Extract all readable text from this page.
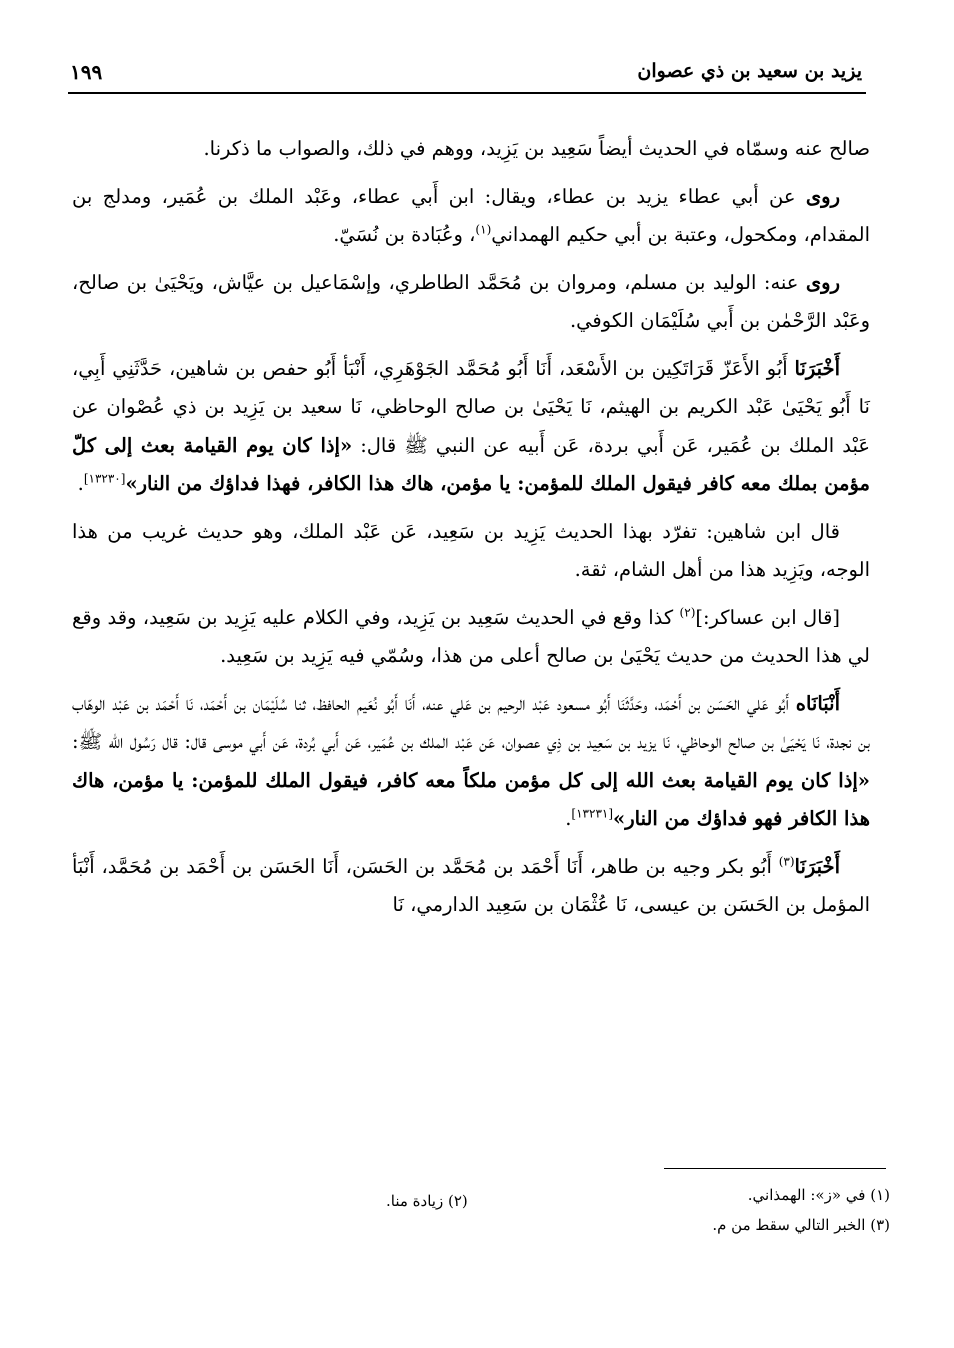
يزيد بن سعيد بن ذي عصوان
١٩٩

صالح عنه وسمّاه في الحديث أيضاً سَعِيد بن يَزِيد، ووهم في ذلك، والصواب ما ذكرنا.

روى عن أبي عطاء يزيد بن عطاء، ويقال: ابن أَبي عطاء، وعَبْد الملك بن عُمَير، ومدلج بن المقدام، ومكحول، وعتبة بن أبي حكيم الهمداني$^{(١)}$، وعُبَادة بن نُسَيّ.

روى عنه: الوليد بن مسلم، ومروان بن مُحَمَّد الطاطري، وإسْمَاعيل بن عيَّاش، ويَحْيَىٰ بن صالح، وعَبْد الرَّحْمٰن بن أَبي سُلَيْمَان الكوفي.

أَخْبَرَنَا أَبُو الأَعَزّ قَرَاتَكِين بن الأَسْعَد، أَنَا أَبُو مُحَمَّد الجَوْهَرِي، أَنْبَأ أَبُو حفص بن شاهين، حَدَّثَنِي أَبِي، نَا أَبُو يَحْيَىٰ عَبْد الكريم بن الهيثم، نَا يَحْيَىٰ بن صالح الوحاظي، نَا سعيد بن يَزِيد بن ذي عُصْوان عن عَبْد الملك بن عُمَير، عَن أَبي بردة، عَن أَبيه عن النبي ﷺ قال: «إذا كان يوم القيامة بعث إلى كلّ مؤمن بملك معه كافر فيقول الملك للمؤمن: يا مؤمن، هاك هذا الكافر، فهذا فداؤك من النار»[١٣٢٣٠].

قال ابن شاهين: تفرّد بهذا الحديث يَزِيد بن سَعِيد، عَن عَبْد الملك، وهو حديث غريب من هذا الوجه، ويَزِيد هذا من أهل الشام، ثقة.

[قال ابن عساكر:]$^{(٢)}$ كذا وقع في الحديث سَعِيد بن يَزِيد، وفي الكلام عليه يَزِيد بن سَعِيد، وقد وقع لي هذا الحديث من حديث يَحْيَىٰ بن صالح أعلى من هذا، وسُمّي فيه يَزِيد بن سَعِيد.

أَنْبَانَاه أَبُو عَلي الحَسَن بن أَحْمَد، وحَدَّثَنَا أَبُو مسعود عَبْد الرحيم بن عَلي عنه، أَنَا أَبُو نُعَيم الحافظ، ثنا سُلَيْمَان بن أَحْمَد، نَا أَحْمَد بن عَبْد الوهّاب بن نجدة، نَا يَحْيَىٰ بن صالح الوحاظي، نَا يزيد بن سَعِيد بن ذِي عصوان، عَن عَبْد الملك بن عُمَير، عَن أَبي بُردة، عَن أَبي موسى قال: قال رَسُول الله ﷺ: «إذا كان يوم القيامة بعث الله إلى كل مؤمن ملكاً معه كافر، فيقول الملك للمؤمن: يا مؤمن، هاك هذا الكافر فهو فداؤك من النار»[١٣٢٣١].

أَخْبَرَنَا$^{(٣)}$ أَبُو بكر وجيه بن طاهر، أَنَا أَحْمَد بن مُحَمَّد بن الحَسَن، أَنَا الحَسَن بن أَحْمَد بن مُحَمَّد، أَنْبَأ المؤمل بن الحَسَن بن عيسى، نَا عُثْمَان بن سَعِيد الدارمي، نَا

(١) في «ز»: الهمذاني.
(٣) الخبر التالي سقط من م.
(٢) زيادة منا.
